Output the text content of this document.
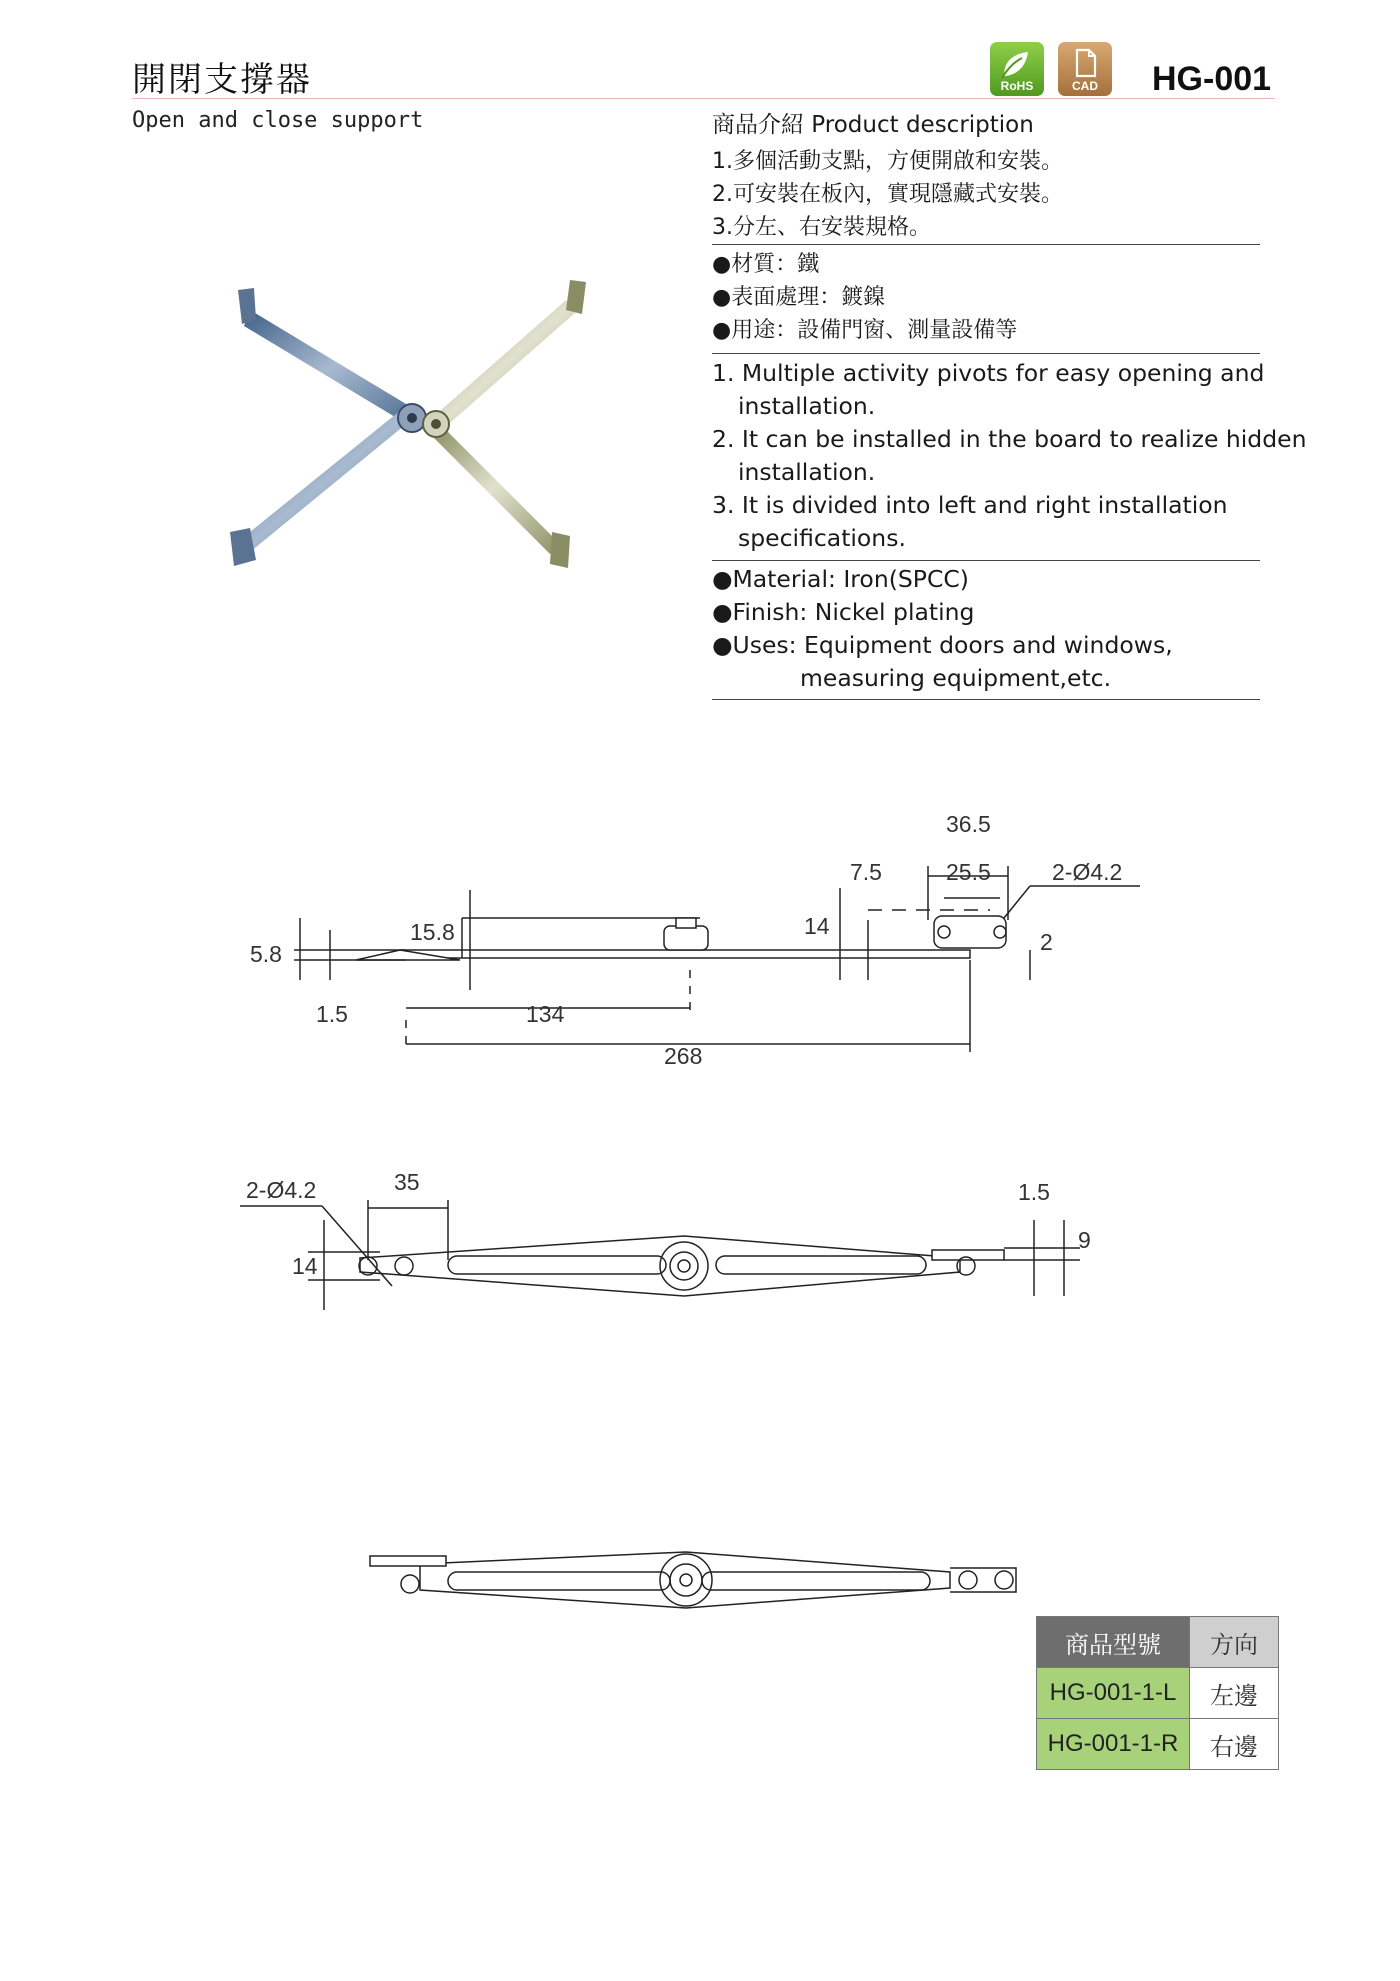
開閉支撐器
Open and close support
RoHS	CAD	HG-001
商品介紹 Product description
1.多個活動支點，方便開啟和安裝。
2.可安裝在板內，實現隱藏式安裝。
3.分左、右安裝規格。
●材質：鐵
●表面處理：鍍鎳
●用途：設備門窗、測量設備等
1. Multiple activity pivots for easy opening and
installation.
2. It can be installed in the board to realize hidden
installation.
3. It is divided into left and right installation
specifications.
●Material: Iron(SPCC)
●Finish: Nickel plating
●Uses: Equipment doors and windows,
measuring equipment,etc.
36.5
25.5
7.5	2-Ø4.2
14
2
5.8
15.8
1.5	134
268
2-Ø4.2	35
14
1.5
9
商品型號	方向
HG-001-1-L	左邊
HG-001-1-R	右邊
